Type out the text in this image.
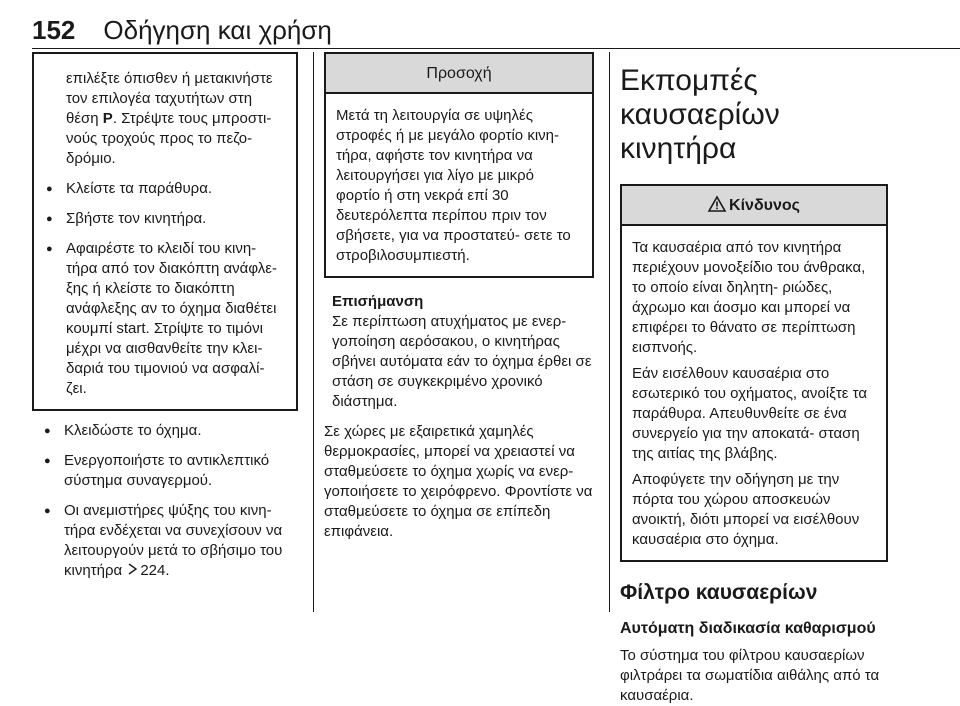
152 Οδήγηση και χρήση
επιλέξτε όπισθεν ή μετακινήστε τον επιλογέα ταχυτήτων στη θέση P. Στρέψτε τους μπροστι- νούς τροχούς προς το πεζο- δρόμιο.
● Κλείστε τα παράθυρα.
● Σβήστε τον κινητήρα.
● Αφαιρέστε το κλειδί του κινη- τήρα από τον διακόπτη ανάφλε- ξης ή κλείστε το διακόπτη ανάφλεξης αν το όχημα διαθέτει κουμπί start. Στρίψτε το τιμόνι μέχρι να αισθανθείτε την κλει- δαριά του τιμονιού να ασφαλί- ζει.
● Κλειδώστε το όχημα.
● Ενεργοποιήστε το αντικλεπτικό σύστημα συναγερμού.
● Οι ανεμιστήρες ψύξης του κινη- τήρα ενδέχεται να συνεχίσουν να λειτουργούν μετά το σβήσιμο του κινητήρα 224.
Προσοχή
Μετά τη λειτουργία σε υψηλές στροφές ή με μεγάλο φορτίο κινη- τήρα, αφήστε τον κινητήρα να λειτουργήσει για λίγο με μικρό φορτίο ή στη νεκρά επί 30 δευτερόλεπτα περίπου πριν τον σβήσετε, για να προστατεύ- σετε το στροβιλοσυμπιεστή.
Επισήμανση
Σε περίπτωση ατυχήματος με ενερ- γοποίηση αερόσακου, ο κινητήρας σβήνει αυτόματα εάν το όχημα έρθει σε στάση σε συγκεκριμένο χρονικό διάστημα.
Σε χώρες με εξαιρετικά χαμηλές θερμοκρασίες, μπορεί να χρειαστεί να σταθμεύσετε το όχημα χωρίς να ενερ- γοποιήσετε το χειρόφρενο. Φροντίστε να σταθμεύσετε το όχημα σε επίπεδη επιφάνεια.
Εκπομπές καυσαερίων κινητήρα
Κίνδυνος

Τα καυσαέρια από τον κινητήρα περιέχουν μονοξείδιο του άνθρακα, το οποίο είναι δηλητη- ριώδες, άχρωμο και άοσμο και μπορεί να επιφέρει το θάνατο σε περίπτωση εισπνοής.

Εάν εισέλθουν καυσαέρια στο εσωτερικό του οχήματος, ανοίξτε τα παράθυρα. Απευθυνθείτε σε ένα συνεργείο για την αποκατά- σταση της αιτίας της βλάβης.

Αποφύγετε την οδήγηση με την πόρτα του χώρου αποσκευών ανοικτή, διότι μπορεί να εισέλθουν καυσαέρια στο όχημα.

Φίλτρο καυσαερίων
Αυτόματη διαδικασία καθαρισμού
Το σύστημα του φίλτρου καυσαερίων φιλτράρει τα σωματίδια αιθάλης από τα καυσαέρια.
